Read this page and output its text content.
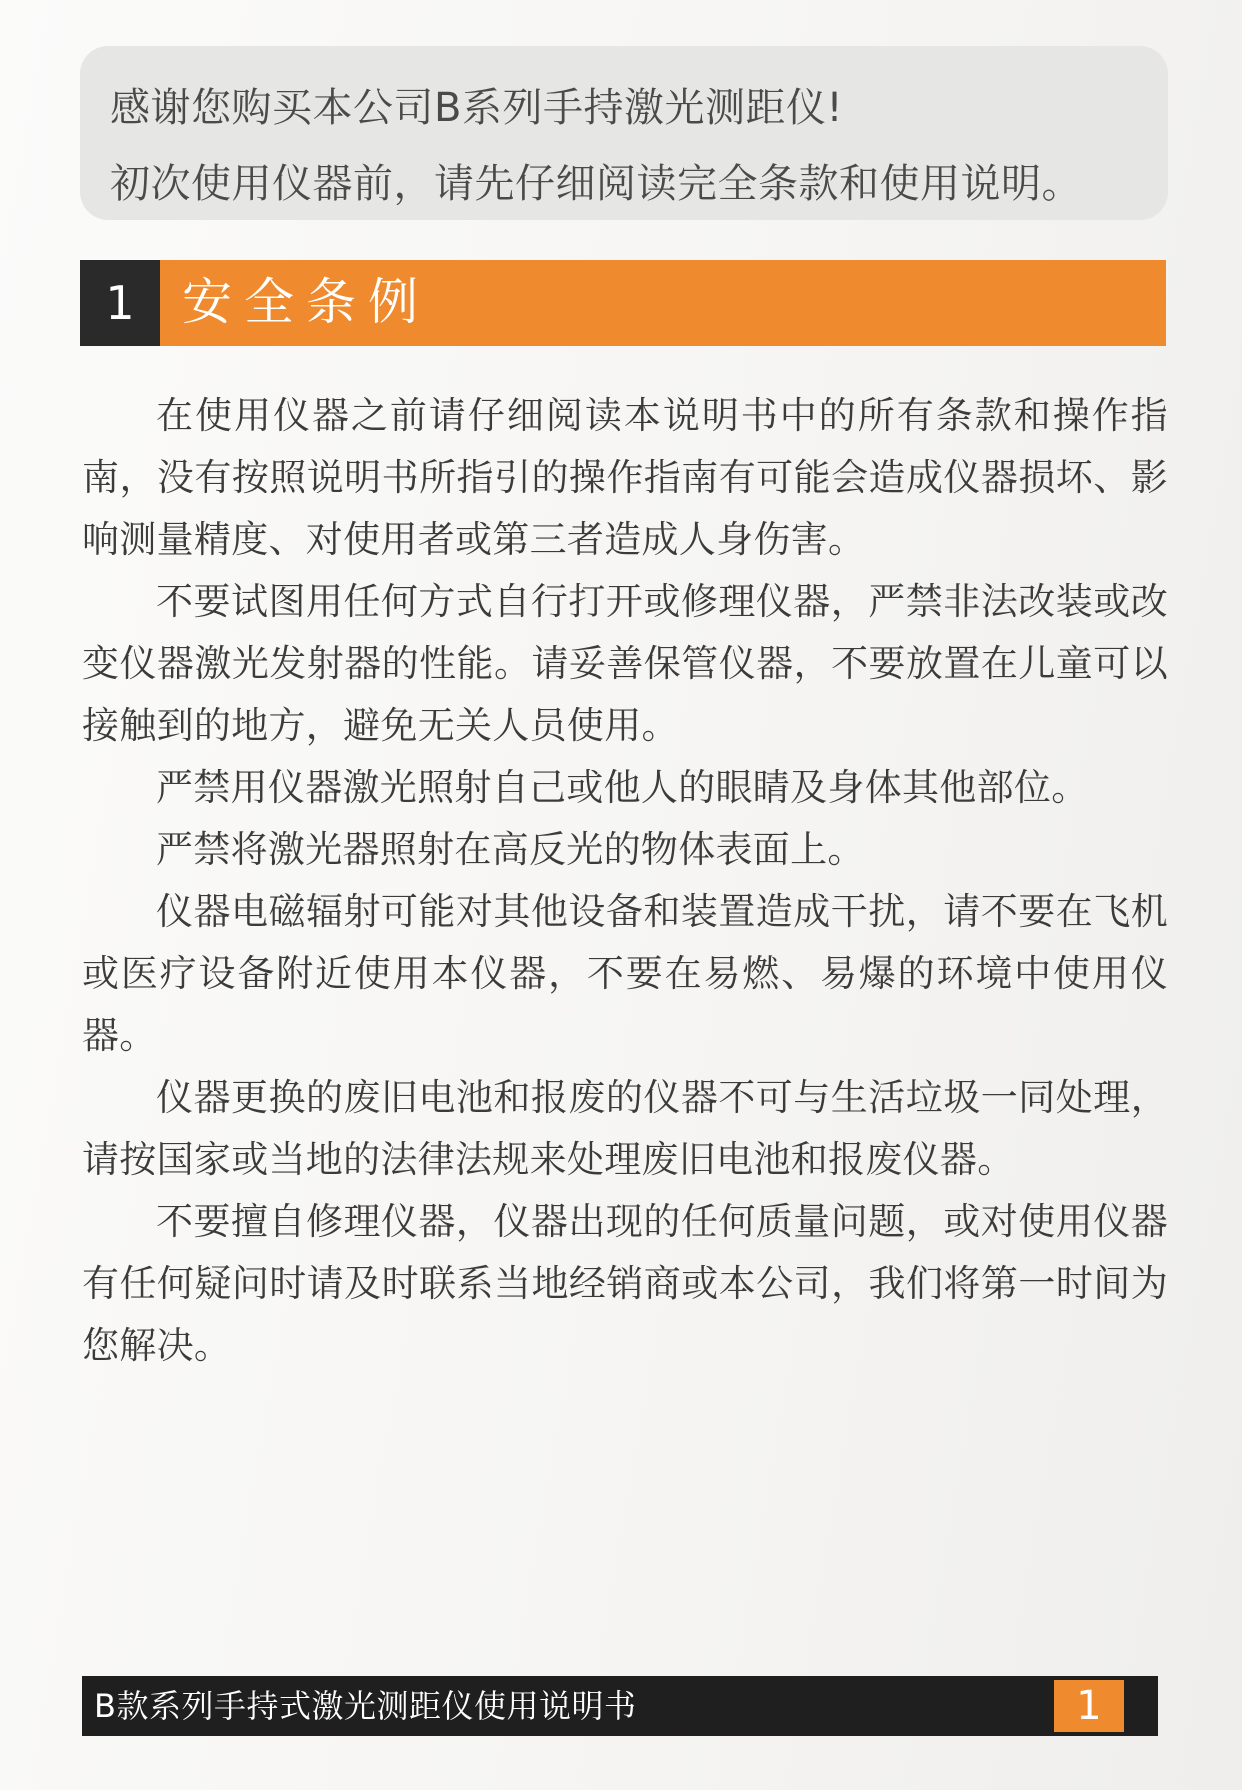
感谢您购买本公司B系列手持激光测距仪!
初次使用仪器前，请先仔细阅读完全条款和使用说明。
1 安全条例

在使用仪器之前请仔细阅读本说明书中的所有条款和操作指南，没有按照说明书所指引的操作指南有可能会造成仪器损坏、影响测量精度、对使用者或第三者造成人身伤害。

不要试图用任何方式自行打开或修理仪器，严禁非法改装或改变仪器激光发射器的性能。请妥善保管仪器，不要放置在儿童可以接触到的地方，避免无关人员使用。

严禁用仪器激光照射自己或他人的眼睛及身体其他部位。

严禁将激光器照射在高反光的物体表面上。

仪器电磁辐射可能对其他设备和装置造成干扰，请不要在飞机或医疗设备附近使用本仪器，不要在易燃、易爆的环境中使用仪器。

仪器更换的废旧电池和报废的仪器不可与生活垃圾一同处理，请按国家或当地的法律法规来处理废旧电池和报废仪器。

不要擅自修理仪器，仪器出现的任何质量问题，或对使用仪器有任何疑问时请及时联系当地经销商或本公司，我们将第一时间为您解决。

B款系列手持式激光测距仪使用说明书	1
